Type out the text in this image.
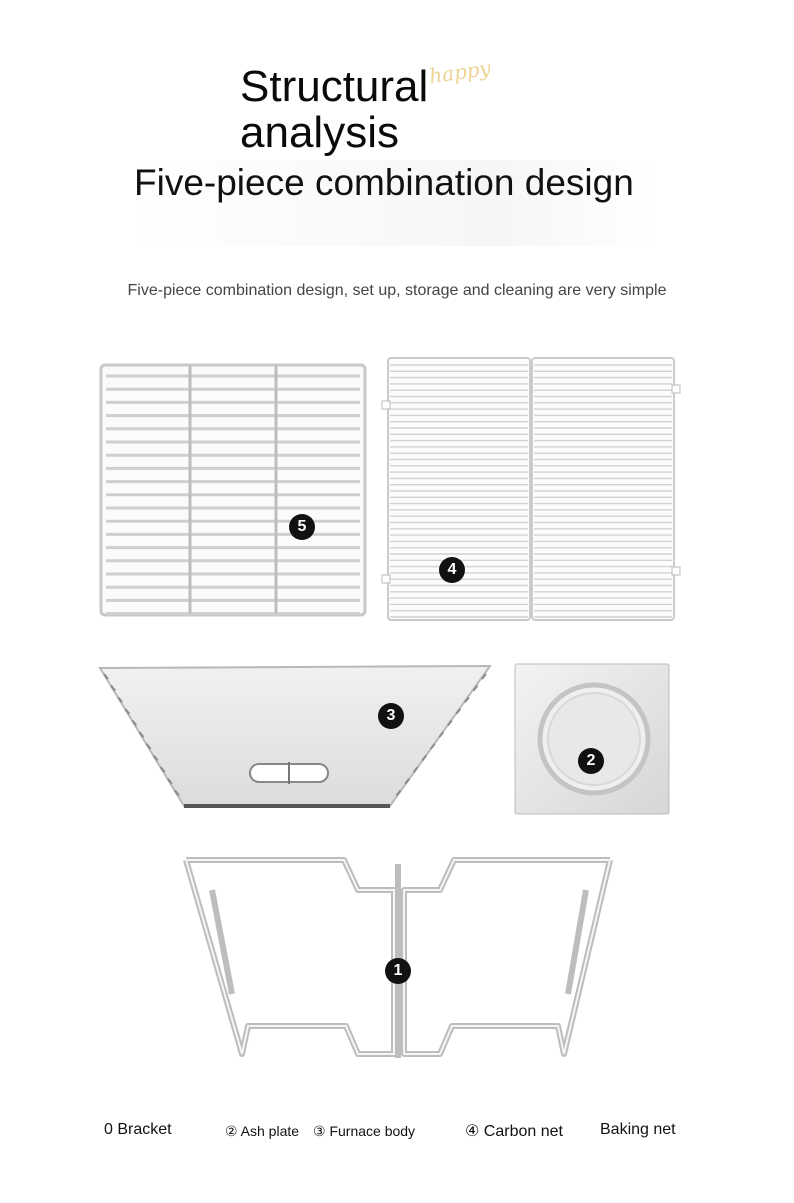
happy
Structural analysis
Five-piece combination design
Five-piece combination design, set up, storage and cleaning are very simple
5
4
3
2
1
0 Bracket	② Ash plate ③ Furnace body	④ Carbon net Baking net
